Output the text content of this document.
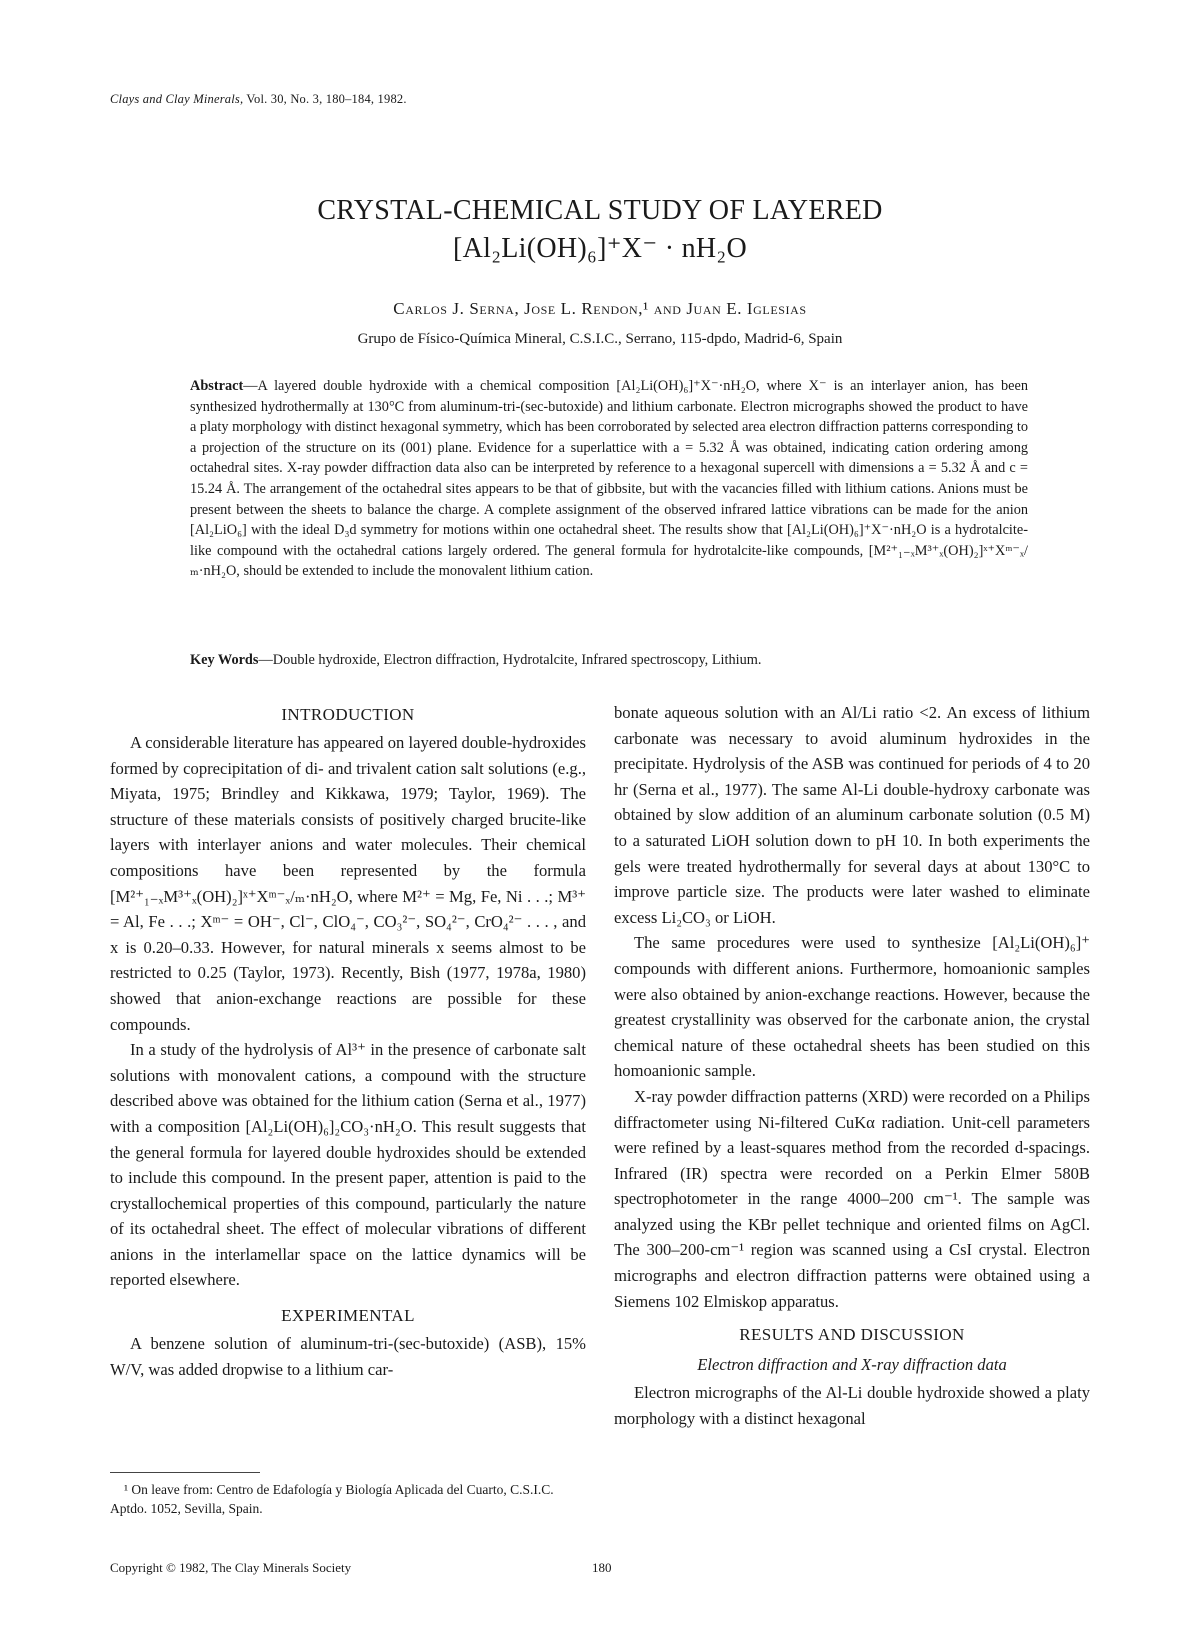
Clays and Clay Minerals, Vol. 30, No. 3, 180–184, 1982.
CRYSTAL-CHEMICAL STUDY OF LAYERED
[Al₂Li(OH)₆]⁺X⁻ · nH₂O
Carlos J. Serna, Jose L. Rendon,¹ and Juan E. Iglesias
Grupo de Físico-Química Mineral, C.S.I.C., Serrano, 115-dpdo, Madrid-6, Spain

Abstract—A layered double hydroxide with a chemical composition [Al₂Li(OH)₆]⁺X⁻·nH₂O, where X⁻ is an interlayer anion, has been synthesized hydrothermally at 130°C from aluminum-tri-(sec-butoxide) and lithium carbonate. Electron micrographs showed the product to have a platy morphology with distinct hexagonal symmetry, which has been corroborated by selected area electron diffraction patterns corresponding to a projection of the structure on its (001) plane. Evidence for a superlattice with a = 5.32 Å was obtained, indicating cation ordering among octahedral sites. X-ray powder diffraction data also can be interpreted by reference to a hexagonal supercell with dimensions a = 5.32 Å and c = 15.24 Å. The arrangement of the octahedral sites appears to be that of gibbsite, but with the vacancies filled with lithium cations. Anions must be present between the sheets to balance the charge. A complete assignment of the observed infrared lattice vibrations can be made for the anion [Al₂LiO₆] with the ideal D₃d symmetry for motions within one octahedral sheet. The results show that [Al₂Li(OH)₆]⁺X⁻·nH₂O is a hydrotalcite-like compound with the octahedral cations largely ordered. The general formula for hydrotalcite-like compounds, [M²⁺₁₋ₓM³⁺ₓ(OH)₂]ˣ⁺Xᵐ⁻ₓ/ₘ·nH₂O, should be extended to include the monovalent lithium cation.

Key Words—Double hydroxide, Electron diffraction, Hydrotalcite, Infrared spectroscopy, Lithium.

INTRODUCTION

A considerable literature has appeared on layered double-hydroxides formed by coprecipitation of di- and trivalent cation salt solutions (e.g., Miyata, 1975; Brindley and Kikkawa, 1979; Taylor, 1969). The structure of these materials consists of positively charged brucite-like layers with interlayer anions and water molecules. Their chemical compositions have been represented by the formula [M²⁺₁₋ₓM³⁺ₓ(OH)₂]ˣ⁺Xᵐ⁻ₓ/ₘ·nH₂O, where M²⁺ = Mg, Fe, Ni . . .; M³⁺ = Al, Fe . . .; Xᵐ⁻ = OH⁻, Cl⁻, ClO₄⁻, CO₃²⁻, SO₄²⁻, CrO₄²⁻ . . . , and x is 0.20–0.33. However, for natural minerals x seems almost to be restricted to 0.25 (Taylor, 1973). Recently, Bish (1977, 1978a, 1980) showed that anion-exchange reactions are possible for these compounds.

In a study of the hydrolysis of Al³⁺ in the presence of carbonate salt solutions with monovalent cations, a compound with the structure described above was obtained for the lithium cation (Serna et al., 1977) with a composition [Al₂Li(OH)₆]₂CO₃·nH₂O. This result suggests that the general formula for layered double hydroxides should be extended to include this compound. In the present paper, attention is paid to the crystallochemical properties of this compound, particularly the nature of its octahedral sheet. The effect of molecular vibrations of different anions in the interlamellar space on the lattice dynamics will be reported elsewhere.

EXPERIMENTAL

A benzene solution of aluminum-tri-(sec-butoxide) (ASB), 15% W/V, was added dropwise to a lithium car-

bonate aqueous solution with an Al/Li ratio <2. An excess of lithium carbonate was necessary to avoid aluminum hydroxides in the precipitate. Hydrolysis of the ASB was continued for periods of 4 to 20 hr (Serna et al., 1977). The same Al-Li double-hydroxy carbonate was obtained by slow addition of an aluminum carbonate solution (0.5 M) to a saturated LiOH solution down to pH 10. In both experiments the gels were treated hydrothermally for several days at about 130°C to improve particle size. The products were later washed to eliminate excess Li₂CO₃ or LiOH.

The same procedures were used to synthesize [Al₂Li(OH)₆]⁺ compounds with different anions. Furthermore, homoanionic samples were also obtained by anion-exchange reactions. However, because the greatest crystallinity was observed for the carbonate anion, the crystal chemical nature of these octahedral sheets has been studied on this homoanionic sample.

X-ray powder diffraction patterns (XRD) were recorded on a Philips diffractometer using Ni-filtered CuKα radiation. Unit-cell parameters were refined by a least-squares method from the recorded d-spacings. Infrared (IR) spectra were recorded on a Perkin Elmer 580B spectrophotometer in the range 4000–200 cm⁻¹. The sample was analyzed using the KBr pellet technique and oriented films on AgCl. The 300–200-cm⁻¹ region was scanned using a CsI crystal. Electron micrographs and electron diffraction patterns were obtained using a Siemens 102 Elmiskop apparatus.

RESULTS AND DISCUSSION
Electron diffraction and X-ray diffraction data

Electron micrographs of the Al-Li double hydroxide showed a platy morphology with a distinct hexagonal

¹ On leave from: Centro de Edafología y Biología Aplicada del Cuarto, C.S.I.C. Aptdo. 1052, Sevilla, Spain.

Copyright © 1982, The Clay Minerals Society	180
